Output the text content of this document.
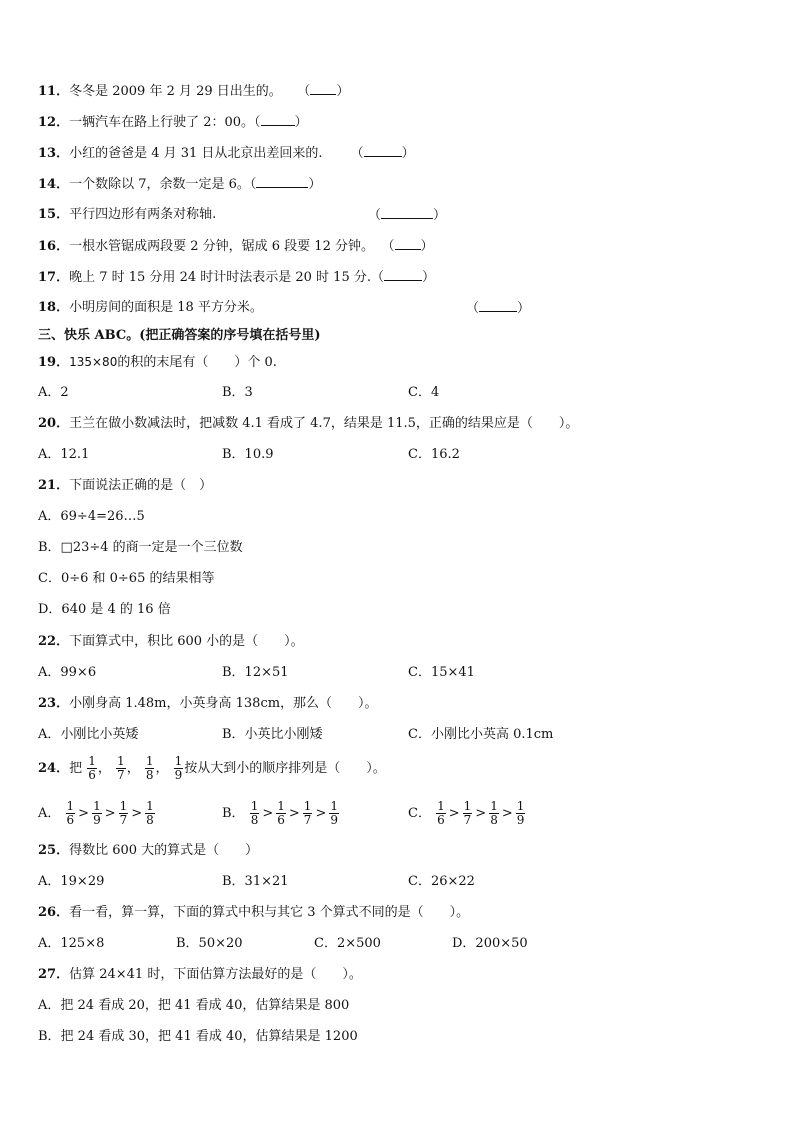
11．冬冬是 2009 年 2 月 29 日出生的。 （ ）
12．一辆汽车在路上行驶了 2：00。（	）
13．小红的爸爸是 4 月 31 日从北京出差回来的. （	）
14．一个数除以 7，余数一定是 6。（	）
15．平行四边形有两条对称轴.	（	）
16．一根水管锯成两段要 2 分钟，锯成 6 段要 12 分钟。 （ ）
17．晚上 7 时 15 分用 24 时计时法表示是 20 时 15 分.（	）
18．小明房间的面积是 18 平方分米。	（	）
三、快乐 ABC。(把正确答案的序号填在括号里)
19．135×80的积的末尾有（　　）个 0.
A．2	B．3	C．4
20．王兰在做小数减法时，把减数 4.1 看成了 4.7，结果是 11.5，正确的结果应是（　　）。
A．12.1	B．10.9	C．16.2
21．下面说法正确的是（　）
A．69÷4=26…5
B．□23÷4 的商一定是一个三位数
C．0÷6 和 0÷65 的结果相等
D．640 是 4 的 16 倍
22．下面算式中，积比 600 小的是（　　）。
A．99×6	B．12×51	C．15×41
23．小刚身高 1.48m，小英身高 138cm，那么（　　）。
A．小刚比小英矮	B．小英比小刚矮	C．小刚比小英高 0.1cm
24．把 $\frac{1}{6}$ ， $\frac{1}{7}$ ， $\frac{1}{8}$ ， $\frac{1}{9}$ 按从大到小的顺序排列是（　　）。
A． $\frac{1}{6} > \frac{1}{9} > \frac{1}{7} > \frac{1}{8}$	B． $\frac{1}{8} > \frac{1}{6} > \frac{1}{7} > \frac{1}{9}$	C． $\frac{1}{6} > \frac{1}{7} > \frac{1}{8} > \frac{1}{9}$
25．得数比 600 大的算式是（　　）
A．19×29	B．31×21	C．26×22
26．看一看，算一算，下面的算式中积与其它 3 个算式不同的是（　　）。
A．125×8	B．50×20	C．2×500	D．200×50
27．估算 24×41 时，下面估算方法最好的是（　　）。
A．把 24 看成 20，把 41 看成 40，估算结果是 800
B．把 24 看成 30，把 41 看成 40，估算结果是 1200
